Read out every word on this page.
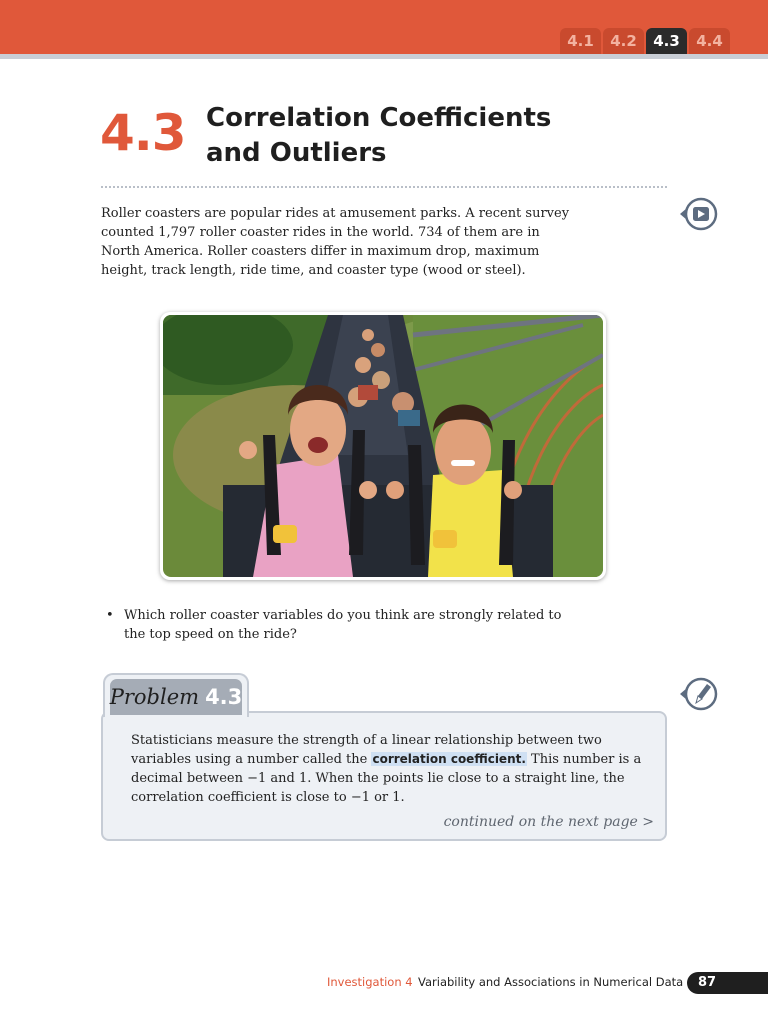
4.1	4.2	4.3	4.4
4.3 Correlation Coefficients
and Outliers
Roller coasters are popular rides at amusement parks. A recent survey counted 1,797 roller coaster rides in the world. 734 of them are in North America. Roller coasters differ in maximum drop, maximum height, track length, ride time, and coaster type (wood or steel).
• Which roller coaster variables do you think are strongly related to the top speed on the ride?
Problem 4.3
Statisticians measure the strength of a linear relationship between two variables using a number called the correlation coefficient. This number is a decimal between −1 and 1. When the points lie close to a straight line, the correlation coefficient is close to −1 or 1.
continued on the next page >
Investigation 4 Variability and Associations in Numerical Data	87
